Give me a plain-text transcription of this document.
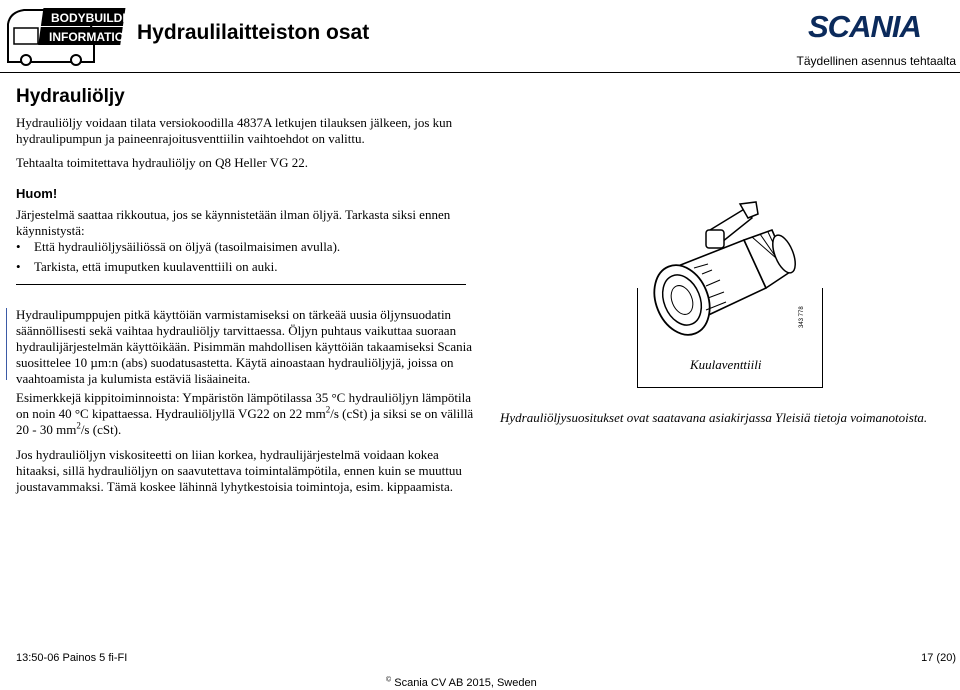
BODYBUILDING
INFORMATION Hydraulilaitteiston osat	SCANIA
Täydellinen asennus tehtaalta
Hydrauliöljy
Hydrauliöljy voidaan tilata versiokoodilla 4837A letkujen tilauksen jälkeen, jos kun hydraulipumpun ja paineenrajoitusventtiilin vaihtoehdot on valittu.
Tehtaalta toimitettava hydrauliöljy on Q8 Heller VG 22.
Huom!
Järjestelmä saattaa rikkoutua, jos se käynnistetään ilman öljyä. Tarkasta siksi ennen käynnistystä:
• Että hydrauliöljysäiliössä on öljyä (tasoilmaisimen avulla).
• Tarkista, että imuputken kuulaventtiili on auki.
Hydraulipumppujen pitkä käyttöiän varmistamiseksi on tärkeää uusia öljynsuodatin säännöllisesti sekä vaihtaa hydrauliöljy tarvittaessa. Öljyn puhtaus vaikuttaa suoraan hydraulijärjestelmän käyttöikään. Pisimmän mahdollisen käyttöiän takaamiseksi Scania suosittelee 10 µm:n (abs) suodatusastetta. Käytä ainoastaan hydrauliöljyjä, joissa on vaahtoamista ja kulumista estäviä lisäaineita.
Esimerkkejä kippitoiminnoista: Ympäristön lämpötilassa 35 °C hydrauliöljyn lämpötila on noin 40 °C kipattaessa. Hydrauliöljyllä VG22 on 22 $mm^2/s$ (cSt) ja siksi se on välillä 20 - 30 $mm^2/s$ (cSt).
Jos hydrauliöljyn viskositeetti on liian korkea, hydraulijärjestelmä voidaan kokea hitaaksi, sillä hydrauliöljyn on saavutettava toimintalämpötila, ennen kuin se muuttuu joustavammaksi. Tämä koskee lähinnä lyhytkestoisia toimintoja, esim. kippaamista.
343 778
Kuulaventtiili
Hydrauliöljysuositukset ovat saatavana asiakirjassa Yleisiä tietoja voimanotoista.
13:50-06 Painos 5 fi-FI	17 (20)
© Scania CV AB 2015, Sweden
